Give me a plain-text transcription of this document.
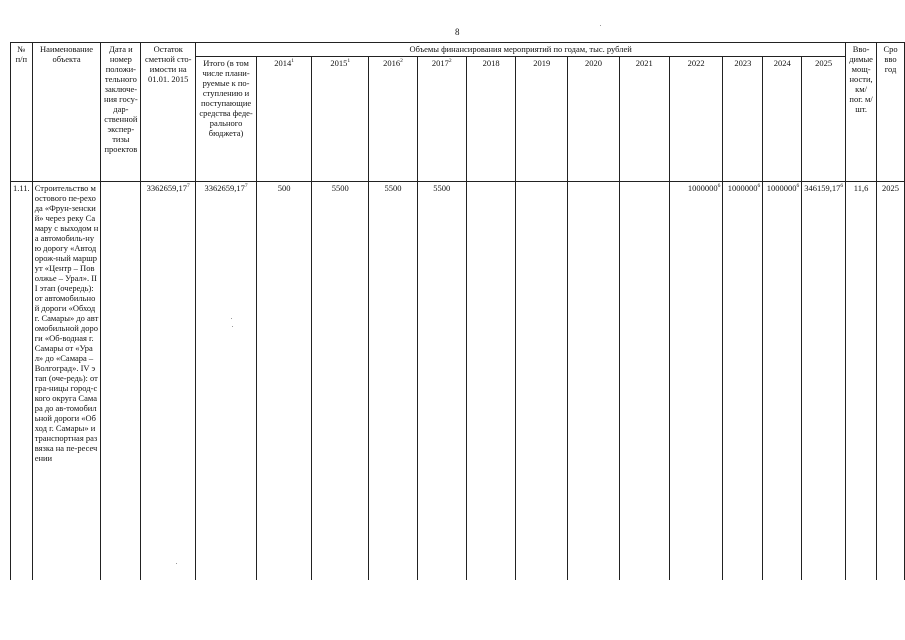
8
№ п/п	Наименование объекта	Дата и номер положи-тельного заключе-ния госу-дар-ственной экспер-тизы проектов	Остаток сметной сто-имости на 01.01. 2015	Объемы финансирования мероприятий по годам, тыс. рублей													Вво-димые мощ-ности, км/ пог. м/шт.	Сро вво год
				Итого (в том числе плани-руемые к по-ступлению и поступающие средства феде-рального бюджета)	2014$^1$	2015$^1$	2016$^2$	2017$^2$	2018	2019	2020	2021	2022	2023	2024	2025		
1.11.	Строительство мостового пе-рехода «Фрун-зенский» через реку Самару с выходом на автомобиль-ную дорогу «Автодорож-ный маршрут «Центр – Поволжье – Урал». III этап (очередь): от автомобильной дороги «Обход г. Самары» до автомобильной дороги «Об-водная г. Самары от «Урал» до «Самара – Волгоград». IV этап (оче-редь): от гра-ницы город-ского округа Самара до ав-томобильной дороги «Обход г. Самары» и транспортная развязка на пе-ресечении		3362659,17$^7$	3362659,17$^7$	500	5500	5500	5500					1000000$^6$	1000000$^6$	1000000$^6$	346159,17$^6$	11,6	2025
